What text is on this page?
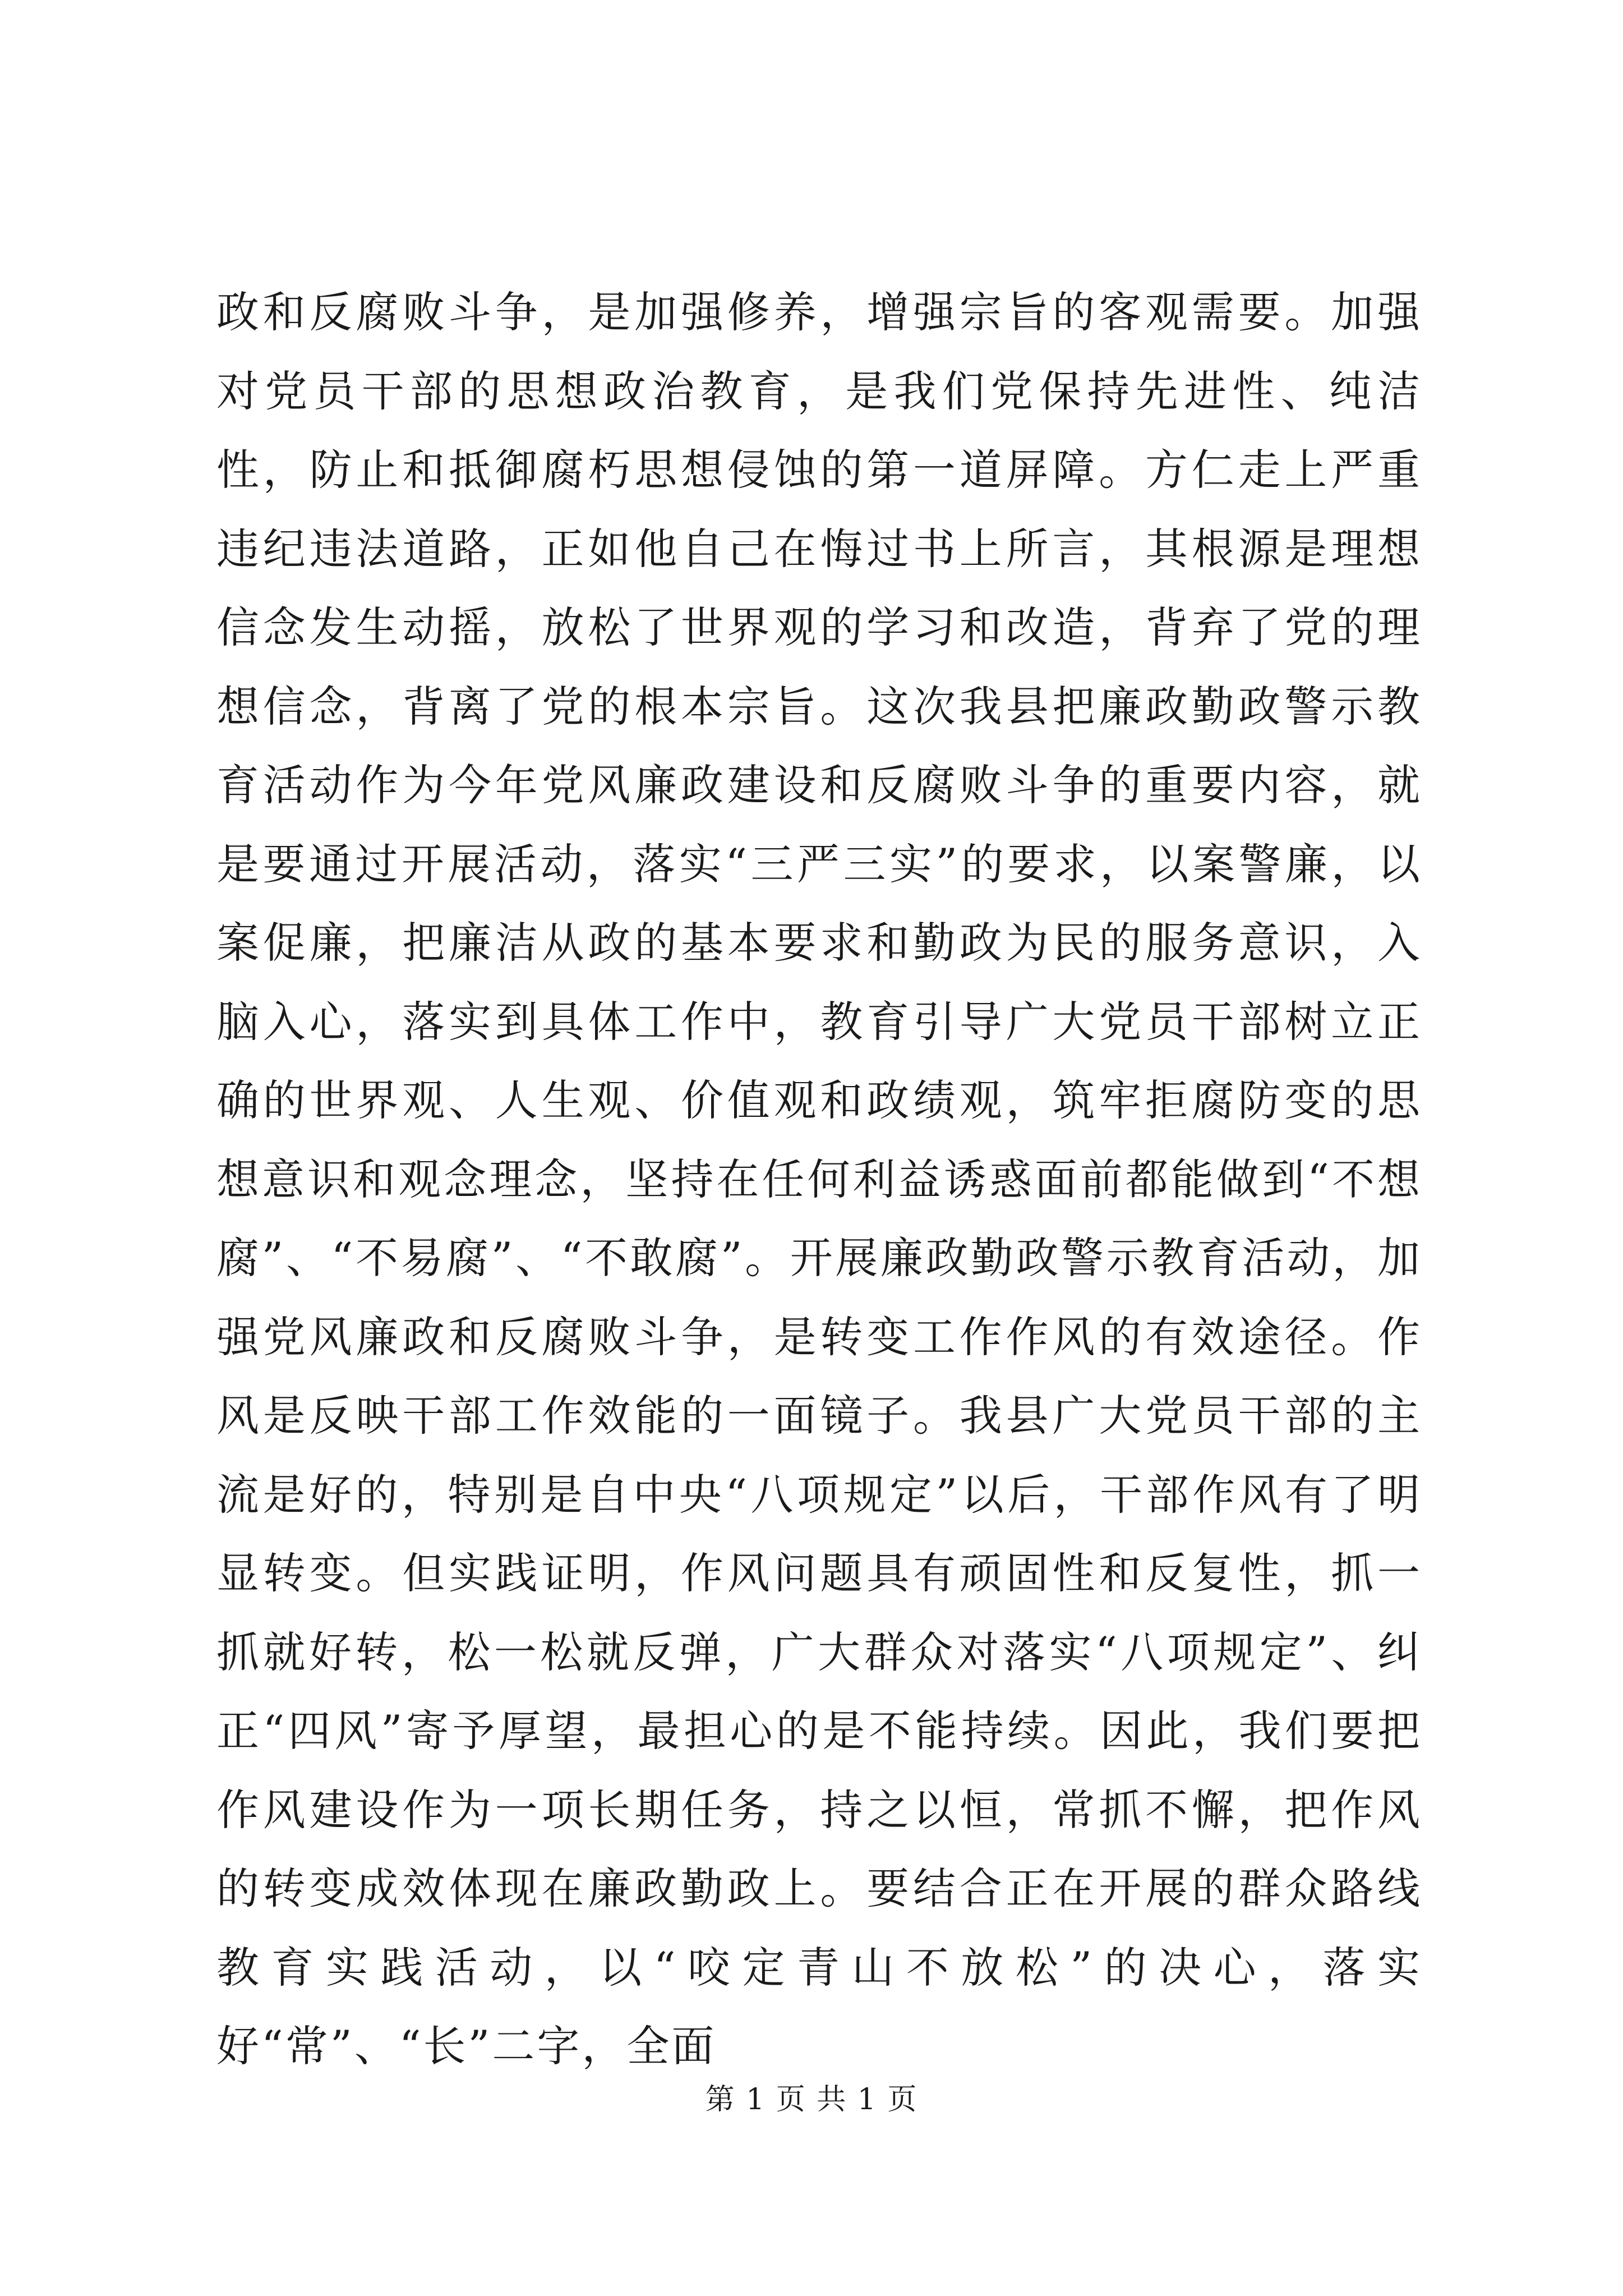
政和反腐败斗争，是加强修养，增强宗旨的客观需要。加强对党员干部的思想政治教育，是我们党保持先进性、纯洁性，防止和抵御腐朽思想侵蚀的第一道屏障。方仁走上严重违纪违法道路，正如他自己在悔过书上所言，其根源是理想信念发生动摇，放松了世界观的学习和改造，背弃了党的理想信念，背离了党的根本宗旨。这次我县把廉政勤政警示教育活动作为今年党风廉政建设和反腐败斗争的重要内容，就是要通过开展活动，落实“三严三实”的要求，以案警廉，以案促廉，把廉洁从政的基本要求和勤政为民的服务意识，入脑入心，落实到具体工作中，教育引导广大党员干部树立正确的世界观、人生观、价值观和政绩观，筑牢拒腐防变的思想意识和观念理念，坚持在任何利益诱惑面前都能做到“不想腐”、“不易腐”、“不敢腐”。开展廉政勤政警示教育活动，加强党风廉政和反腐败斗争，是转变工作作风的有效途径。作风是反映干部工作效能的一面镜子。我县广大党员干部的主流是好的，特别是自中央“八项规定”以后，干部作风有了明显转变。但实践证明，作风问题具有顽固性和反复性，抓一抓就好转，松一松就反弹，广大群众对落实“八项规定”、纠正“四风”寄予厚望，最担心的是不能持续。因此，我们要把作风建设作为一项长期任务，持之以恒，常抓不懈，把作风的转变成效体现在廉政勤政上。要结合正在开展的群众路线教育实践活动，以“咬定青山不放松”的决心，落实好“常”、“长”二字，全面

第 1 页 共 1 页
